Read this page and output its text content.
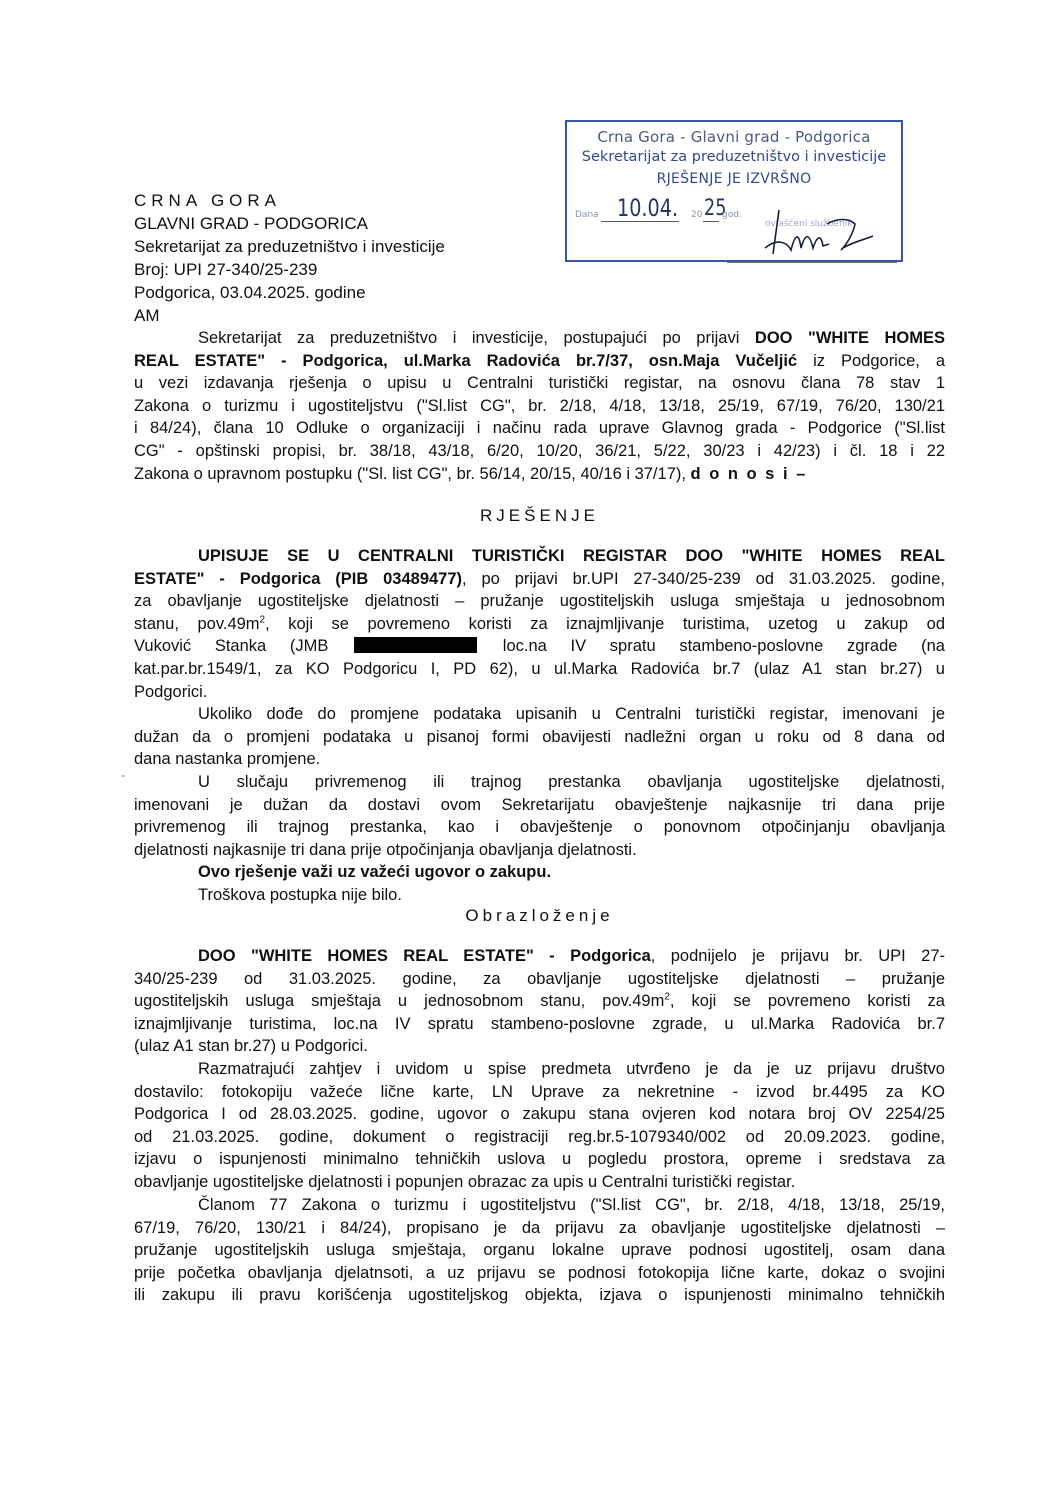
Crna Gora - Glavni grad - Podgorica
Sekretarijat za preduzetništvo i investicije
RJEŠENJE JE IZVRŠNO
Dana 10.04. 20 25
god.
ovlašćeni službenik
CRNA GORA
GLAVNI GRAD - PODGORICA
Sekretarijat za preduzetništvo i investicije
Broj: UPI 27-340/25-239
Podgorica, 03.04.2025. godine
AM
Sekretarijat za preduzetništvo i investicije, postupajući po prijavi DOO "WHITE HOMES
REAL ESTATE" - Podgorica, ul.Marka Radovića br.7/37, osn.Maja Vučeljić iz Podgorice, a
u vezi izdavanja rješenja o upisu u Centralni turistički registar, na osnovu člana 78 stav 1
Zakona o turizmu i ugostiteljstvu ("Sl.list CG", br. 2/18, 4/18, 13/18, 25/19, 67/19, 76/20, 130/21
i 84/24), člana 10 Odluke o organizaciji i načinu rada uprave Glavnog grada - Podgorice ("Sl.list
CG" - opštinski propisi, br. 38/18, 43/18, 6/20, 10/20, 36/21, 5/22, 30/23 i 42/23) i čl. 18 i 22
Zakona o upravnom postupku ("Sl. list CG", br. 56/14, 20/15, 40/16 i 37/17), d o n o s i –
RJEŠENJE
UPISUJE SE U CENTRALNI TURISTIČKI REGISTAR DOO "WHITE HOMES REAL
ESTATE" - Podgorica (PIB 03489477), po prijavi br.UPI 27-340/25-239 od 31.03.2025. godine,
za obavljanje ugostiteljske djelatnosti – pružanje ugostiteljskih usluga smještaja u jednosobnom
stanu, $pov.49m^2$, koji se povremeno koristi za iznajmljivanje turistima, uzetog u zakup od
Vuković Stanka (JMB	loc.na IV spratu stambeno-poslovne zgrade (na
kat.par.br.1549/1, za KO Podgoricu I, PD 62), u ul.Marka Radovića br.7 (ulaz A1 stan br.27) u
Podgorici.
Ukoliko dođe do promjene podataka upisanih u Centralni turistički registar, imenovani je
dužan da o promjeni podataka u pisanoj formi obavijesti nadležni organ u roku od 8 dana od
dana nastanka promjene.
U slučaju privremenog ili trajnog prestanka obavljanja ugostiteljske djelatnosti,
imenovani je dužan da dostavi ovom Sekretarijatu obavještenje najkasnije tri dana prije
privremenog ili trajnog prestanka, kao i obavještenje o ponovnom otpočinjanju obavljanja
djelatnosti najkasnije tri dana prije otpočinjanja obavljanja djelatnosti.
Ovo rješenje važi uz važeći ugovor o zakupu.
Troškova postupka nije bilo.
Obrazloženje
DOO "WHITE HOMES REAL ESTATE" - Podgorica, podnijelo je prijavu br. UPI 27-
340/25-239 od 31.03.2025. godine, za obavljanje ugostiteljske djelatnosti – pružanje
ugostiteljskih usluga smještaja u jednosobnom stanu, $pov.49m^2$, koji se povremeno koristi za
iznajmljivanje turistima, loc.na IV spratu stambeno-poslovne zgrade, u ul.Marka Radovića br.7
(ulaz A1 stan br.27) u Podgorici.
Razmatrajući zahtjev i uvidom u spise predmeta utvrđeno je da je uz prijavu društvo
dostavilo: fotokopiju važeće lične karte, LN Uprave za nekretnine - izvod br.4495 za KO
Podgorica I od 28.03.2025. godine, ugovor o zakupu stana ovjeren kod notara broj OV 2254/25
od 21.03.2025. godine, dokument o registraciji reg.br.5-1079340/002 od 20.09.2023. godine,
izjavu o ispunjenosti minimalno tehničkih uslova u pogledu prostora, opreme i sredstava za
obavljanje ugostiteljske djelatnosti i popunjen obrazac za upis u Centralni turistički registar.
Članom 77 Zakona o turizmu i ugostiteljstvu ("Sl.list CG", br. 2/18, 4/18, 13/18, 25/19,
67/19, 76/20, 130/21 i 84/24), propisano je da prijavu za obavljanje ugostiteljske djelatnosti –
pružanje ugostiteljskih usluga smještaja, organu lokalne uprave podnosi ugostitelj, osam dana
prije početka obavljanja djelatnsoti, a uz prijavu se podnosi fotokopija lične karte, dokaz o svojini
ili zakupu ili pravu korišćenja ugostiteljskog objekta, izjava o ispunjenosti minimalno tehničkih
